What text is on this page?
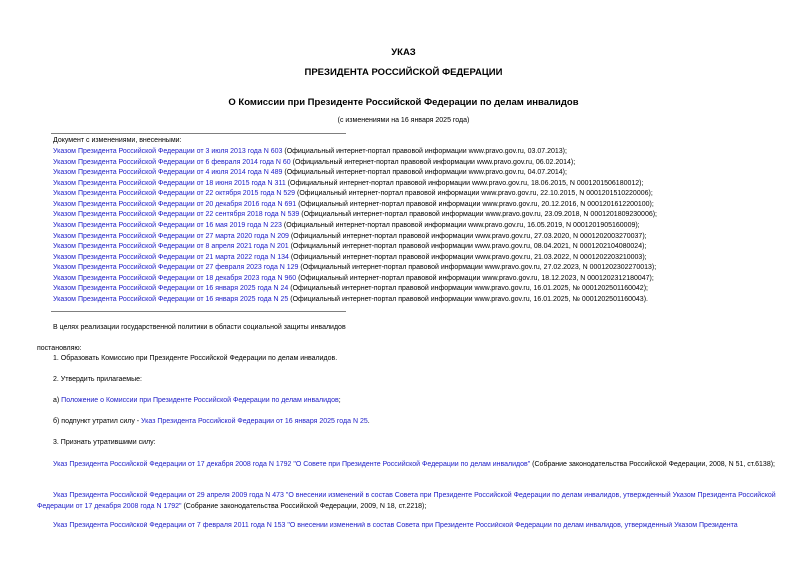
УКАЗ
ПРЕЗИДЕНТА РОССИЙСКОЙ ФЕДЕРАЦИИ
О Комиссии при Президенте Российской Федерации по делам инвалидов
(с изменениями на 16 января 2025 года)
Документ с изменениями, внесенными:
Указом Президента Российской Федерации от 3 июля 2013 года N 603 (Официальный интернет-портал правовой информации www.pravo.gov.ru, 03.07.2013);
Указом Президента Российской Федерации от 6 февраля 2014 года N 60 (Официальный интернет-портал правовой информации www.pravo.gov.ru, 06.02.2014);
Указом Президента Российской Федерации от 4 июля 2014 года N 489 (Официальный интернет-портал правовой информации www.pravo.gov.ru, 04.07.2014);
Указом Президента Российской Федерации от 18 июня 2015 года N 311 (Официальный интернет-портал правовой информации www.pravo.gov.ru, 18.06.2015, N 0001201506180012);
Указом Президента Российской Федерации от 22 октября 2015 года N 529 (Официальный интернет-портал правовой информации www.pravo.gov.ru, 22.10.2015, N 0001201510220006);
Указом Президента Российской Федерации от 20 декабря 2016 года N 691 (Официальный интернет-портал правовой информации www.pravo.gov.ru, 20.12.2016, N 0001201612200100);
Указом Президента Российской Федерации от 22 сентября 2018 года N 539 (Официальный интернет-портал правовой информации www.pravo.gov.ru, 23.09.2018, N 0001201809230006);
Указом Президента Российской Федерации от 16 мая 2019 года N 223 (Официальный интернет-портал правовой информации www.pravo.gov.ru, 16.05.2019, N 0001201905160009);
Указом Президента Российской Федерации от 27 марта 2020 года N 209 (Официальный интернет-портал правовой информации www.pravo.gov.ru, 27.03.2020, N 0001202003270037);
Указом Президента Российской Федерации от 8 апреля 2021 года N 201 (Официальный интернет-портал правовой информации www.pravo.gov.ru, 08.04.2021, N 0001202104080024);
Указом Президента Российской Федерации от 21 марта 2022 года N 134 (Официальный интернет-портал правовой информации www.pravo.gov.ru, 21.03.2022, N 0001202203210003);
Указом Президента Российской Федерации от 27 февраля 2023 года N 129 (Официальный интернет-портал правовой информации www.pravo.gov.ru, 27.02.2023, N 0001202302270013);
Указом Президента Российской Федерации от 18 декабря 2023 года N 960 (Официальный интернет-портал правовой информации www.pravo.gov.ru, 18.12.2023, N 0001202312180047);
Указом Президента Российской Федерации от 16 января 2025 года N 24 (Официальный интернет-портал правовой информации www.pravo.gov.ru, 16.01.2025, № 0001202501160042);
Указом Президента Российской Федерации от 16 января 2025 года N 25 (Официальный интернет-портал правовой информации www.pravo.gov.ru, 16.01.2025, № 0001202501160043).
В целях реализации государственной политики в области социальной защиты инвалидов
постановляю:
1. Образовать Комиссию при Президенте Российской Федерации по делам инвалидов.
2. Утвердить прилагаемые:
а) Положение о Комиссии при Президенте Российской Федерации по делам инвалидов;
б) подпункт утратил силу - Указ Президента Российской Федерации от 16 января 2025 года N 25.
3. Признать утратившими силу:
Указ Президента Российской Федерации от 17 декабря 2008 года N 1792 "О Совете при Президенте Российской Федерации по делам инвалидов" (Собрание законодательства Российской Федерации, 2008, N 51, ст.6138);
Указ Президента Российской Федерации от 29 апреля 2009 года N 473 "О внесении изменений в состав Совета при Президенте Российской Федерации по делам инвалидов, утвержденный Указом Президента Российской Федерации от 17 декабря 2008 года N 1792" (Собрание законодательства Российской Федерации, 2009, N 18, ст.2218);
Указ Президента Российской Федерации от 7 февраля 2011 года N 153 "О внесении изменений в состав Совета при Президенте Российской Федерации по делам инвалидов, утвержденный Указом Президента
